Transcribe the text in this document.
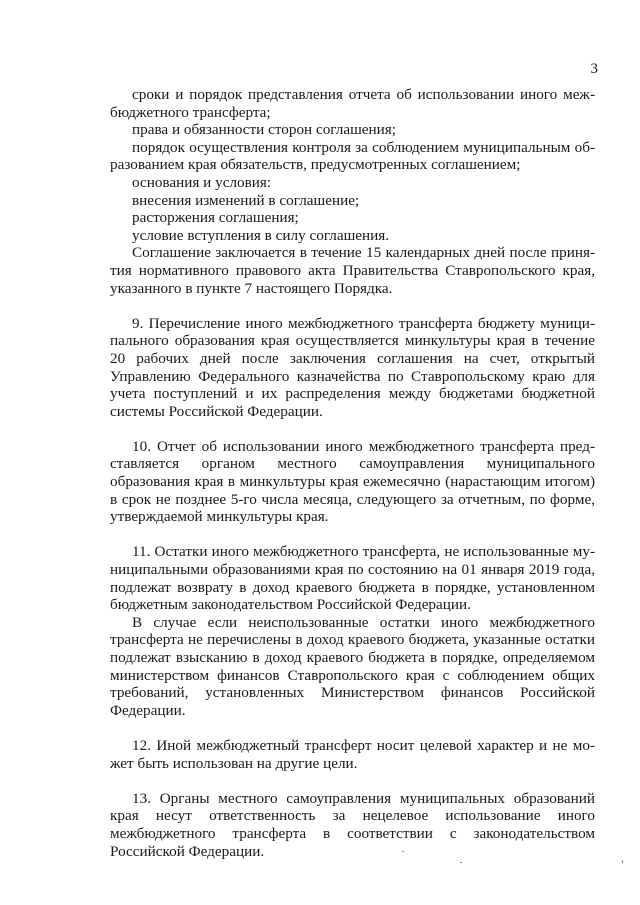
3

сроки и порядок представления отчета об использовании иного межбюджетного трансферта;

права и обязанности сторон соглашения;

порядок осуществления контроля за соблюдением муниципальным образованием края обязательств, предусмотренных соглашением;

основания и условия:

внесения изменений в соглашение;

расторжения соглашения;

условие вступления в силу соглашения.

Соглашение заключается в течение 15 календарных дней после принятия нормативного правового акта Правительства Ставропольского края, указанного в пункте 7 настоящего Порядка.

9. Перечисление иного межбюджетного трансферта бюджету муниципального образования края осуществляется минкультуры края в течение 20 рабочих дней после заключения соглашения на счет, открытый Управлению Федерального казначейства по Ставропольскому краю для учета поступлений и их распределения между бюджетами бюджетной системы Российской Федерации.

10. Отчет об использовании иного межбюджетного трансферта представляется органом местного самоуправления муниципального образования края в минкультуры края ежемесячно (нарастающим итогом) в срок не позднее 5-го числа месяца, следующего за отчетным, по форме, утверждаемой минкультуры края.

11. Остатки иного межбюджетного трансферта, не использованные муниципальными образованиями края по состоянию на 01 января 2019 года, подлежат возврату в доход краевого бюджета в порядке, установленном бюджетным законодательством Российской Федерации.

В случае если неиспользованные остатки иного межбюджетного трансферта не перечислены в доход краевого бюджета, указанные остатки подлежат взысканию в доход краевого бюджета в порядке, определяемом министерством финансов Ставропольского края с соблюдением общих требований, установленных Министерством финансов Российской Федерации.

12. Иной межбюджетный трансферт носит целевой характер и не может быть использован на другие цели.

13. Органы местного самоуправления муниципальных образований края несут ответственность за нецелевое использование иного межбюджетного трансферта в соответствии с законодательством Российской Федерации.
